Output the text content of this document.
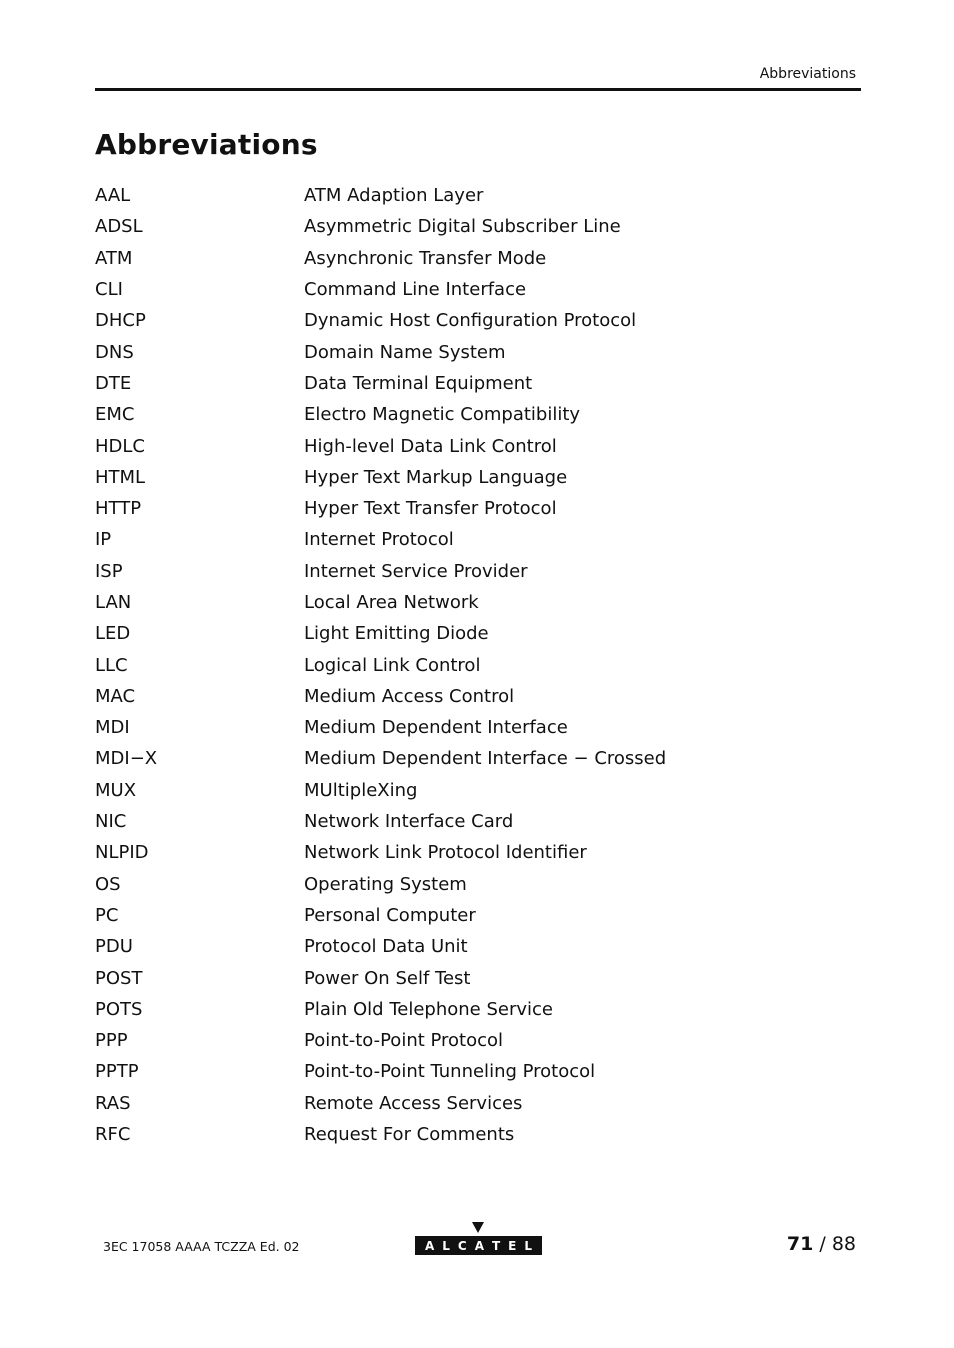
Abbreviations
Abbreviations
AAL	ATM Adaption Layer
ADSL	Asymmetric Digital Subscriber Line
ATM	Asynchronic Transfer Mode
CLI	Command Line Interface
DHCP	Dynamic Host Configuration Protocol
DNS	Domain Name System
DTE	Data Terminal Equipment
EMC	Electro Magnetic Compatibility
HDLC	High-level Data Link Control
HTML	Hyper Text Markup Language
HTTP	Hyper Text Transfer Protocol
IP	Internet Protocol
ISP	Internet Service Provider
LAN	Local Area Network
LED	Light Emitting Diode
LLC	Logical Link Control
MAC	Medium Access Control
MDI	Medium Dependent Interface
MDI−X	Medium Dependent Interface − Crossed
MUX	MUltipleXing
NIC	Network Interface Card
NLPID	Network Link Protocol Identifier
OS	Operating System
PC	Personal Computer
PDU	Protocol Data Unit
POST	Power On Self Test
POTS	Plain Old Telephone Service
PPP	Point-to-Point Protocol
PPTP	Point-to-Point Tunneling Protocol
RAS	Remote Access Services
RFC	Request For Comments
3EC 17058 AAAA TCZZA Ed. 02	A L C A T E L	71 / 88
